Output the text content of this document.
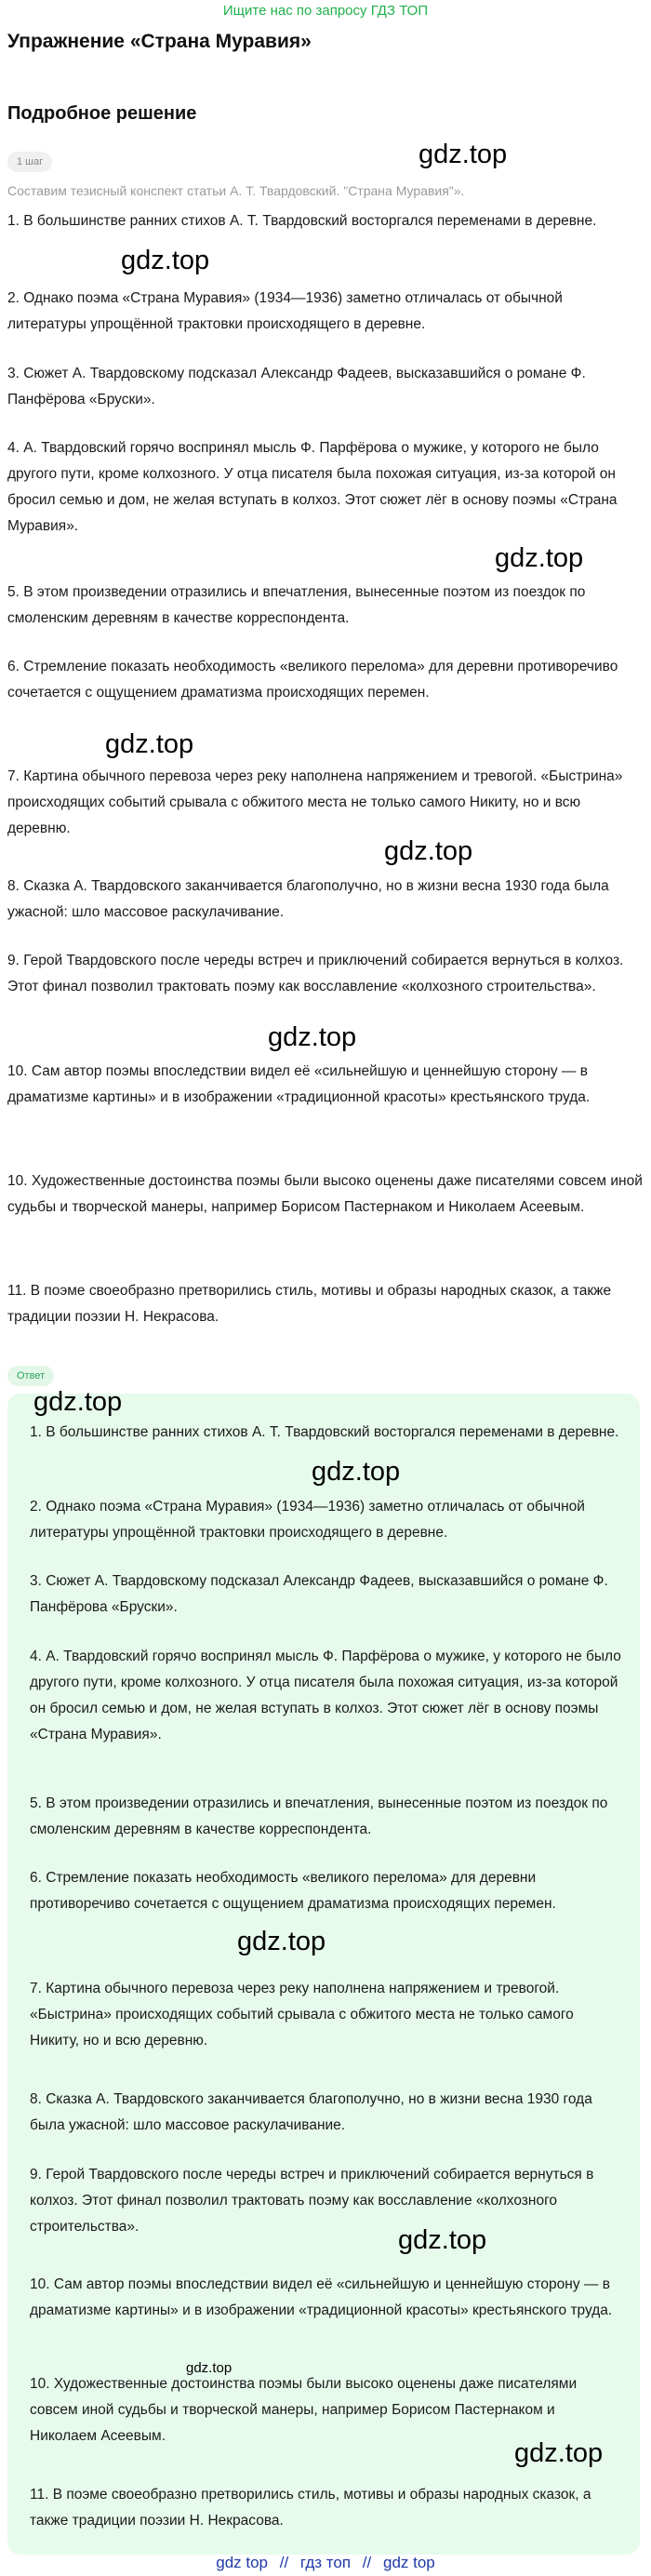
Ищите нас по запросу ГДЗ ТОП
Упражнение «Страна Муравия»
Подробное решение
1 шаг
Составим тезисный конспект статьи А. Т. Твардовский. "Страна Муравия"».

1. В большинстве ранних стихов А. Т. Твардовский восторгался переменами в деревне.

2. Однако поэма «Страна Муравия» (1934—1936) заметно отличалась от обычной литературы упрощённой трактовки происходящего в деревне.

3. Сюжет А. Твардовскому подсказал Александр Фадеев, высказавшийся о романе Ф. Панфёрова «Бруски».

4. А. Твардовский горячо воспринял мысль Ф. Парфёрова о мужике, у которого не было другого пути, кроме колхозного. У отца писателя была похожая ситуация, из-за которой он бросил семью и дом, не желая вступать в колхоз. Этот сюжет лёг в основу поэмы «Страна Муравия».

5. В этом произведении отразились и впечатления, вынесенные поэтом из поездок по смоленским деревням в качестве корреспондента.

6. Стремление показать необходимость «великого перелома» для деревни противоречиво сочетается с ощущением драматизма происходящих перемен.

7. Картина обычного перевоза через реку наполнена напряжением и тревогой. «Быстрина» происходящих событий срывала с обжитого места не только самого Никиту, но и всю деревню.

8. Сказка А. Твардовского заканчивается благополучно, но в жизни весна 1930 года была ужасной: шло массовое раскулачивание.

9. Герой Твардовского после череды встреч и приключений собирается вернуться в колхоз. Этот финал позволил трактовать поэму как восславление «колхозного строительства».

10. Сам автор поэмы впоследствии видел её «сильнейшую и ценнейшую сторону — в драматизме картины» и в изображении «традиционной красоты» крестьянского труда.

10. Художественные достоинства поэмы были высоко оценены даже писателями совсем иной судьбы и творческой манеры, например Борисом Пастернаком и Николаем Асеевым.

11. В поэме своеобразно претворились стиль, мотивы и образы народных сказок, а также традиции поэзии Н. Некрасова.

Ответ

1. В большинстве ранних стихов А. Т. Твардовский восторгался переменами в деревне.

2. Однако поэма «Страна Муравия» (1934—1936) заметно отличалась от обычной литературы упрощённой трактовки происходящего в деревне.

3. Сюжет А. Твардовскому подсказал Александр Фадеев, высказавшийся о романе Ф. Панфёрова «Бруски».

4. А. Твардовский горячо воспринял мысль Ф. Парфёрова о мужике, у которого не было другого пути, кроме колхозного. У отца писателя была похожая ситуация, из-за которой он бросил семью и дом, не желая вступать в колхоз. Этот сюжет лёг в основу поэмы «Страна Муравия».

5. В этом произведении отразились и впечатления, вынесенные поэтом из поездок по смоленским деревням в качестве корреспондента.

6. Стремление показать необходимость «великого перелома» для деревни противоречиво сочетается с ощущением драматизма происходящих перемен.

7. Картина обычного перевоза через реку наполнена напряжением и тревогой. «Быстрина» происходящих событий срывала с обжитого места не только самого Никиту, но и всю деревню.

8. Сказка А. Твардовского заканчивается благополучно, но в жизни весна 1930 года была ужасной: шло массовое раскулачивание.

9. Герой Твардовского после череды встреч и приключений собирается вернуться в колхоз. Этот финал позволил трактовать поэму как восславление «колхозного строительства».

10. Сам автор поэмы впоследствии видел её «сильнейшую и ценнейшую сторону — в драматизме картины» и в изображении «традиционной красоты» крестьянского труда.

10. Художественные достоинства поэмы были высоко оценены даже писателями совсем иной судьбы и творческой манеры, например Борисом Пастернаком и Николаем Асеевым.

11. В поэме своеобразно претворились стиль, мотивы и образы народных сказок, а также традиции поэзии Н. Некрасова.

gdz.top
gdz.top
gdz.top
gdz.top
gdz.top
gdz.top
gdz.top
gdz.top
gdz.top
gdz.top
gdz.top
gdz.top
gdz top // гдз топ // gdz top
